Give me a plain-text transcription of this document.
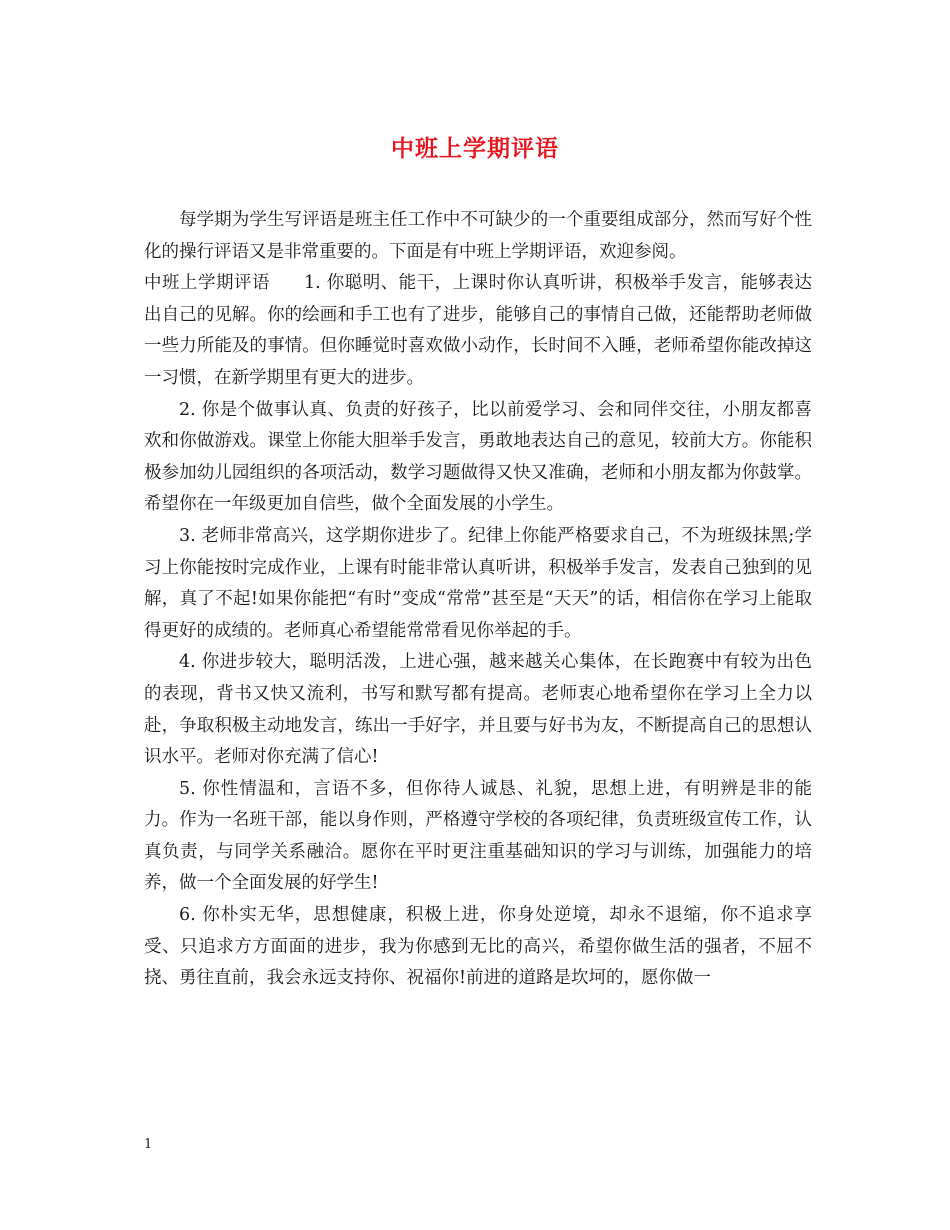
中班上学期评语

每学期为学生写评语是班主任工作中不可缺少的一个重要组成部分，然而写好个性化的操行评语又是非常重要的。下面是有中班上学期评语，欢迎参阅。

中班上学期评语 1. 你聪明、能干，上课时你认真听讲，积极举手发言，能够表达出自己的见解。你的绘画和手工也有了进步，能够自己的事情自己做，还能帮助老师做一些力所能及的事情。但你睡觉时喜欢做小动作，长时间不入睡，老师希望你能改掉这一习惯，在新学期里有更大的进步。

2. 你是个做事认真、负责的好孩子，比以前爱学习、会和同伴交往，小朋友都喜欢和你做游戏。课堂上你能大胆举手发言，勇敢地表达自己的意见，较前大方。你能积极参加幼儿园组织的各项活动，数学习题做得又快又准确，老师和小朋友都为你鼓掌。希望你在一年级更加自信些，做个全面发展的小学生。

3. 老师非常高兴，这学期你进步了。纪律上你能严格要求自己，不为班级抹黑;学习上你能按时完成作业，上课有时能非常认真听讲，积极举手发言，发表自己独到的见解，真了不起!如果你能把“有时”变成“常常”甚至是“天天”的话，相信你在学习上能取得更好的成绩的。老师真心希望能常常看见你举起的手。

4. 你进步较大，聪明活泼，上进心强，越来越关心集体，在长跑赛中有较为出色的表现，背书又快又流利，书写和默写都有提高。老师衷心地希望你在学习上全力以赴，争取积极主动地发言，练出一手好字，并且要与好书为友，不断提高自己的思想认识水平。老师对你充满了信心!

5. 你性情温和，言语不多，但你待人诚恳、礼貌，思想上进，有明辨是非的能力。作为一名班干部，能以身作则，严格遵守学校的各项纪律，负责班级宣传工作，认真负责，与同学关系融洽。愿你在平时更注重基础知识的学习与训练，加强能力的培养，做一个全面发展的好学生!

6. 你朴实无华，思想健康，积极上进，你身处逆境，却永不退缩，你不追求享受、只追求方方面面的进步，我为你感到无比的高兴，希望你做生活的强者，不屈不挠、勇往直前，我会永远支持你、祝福你!前进的道路是坎坷的，愿你做一

1
